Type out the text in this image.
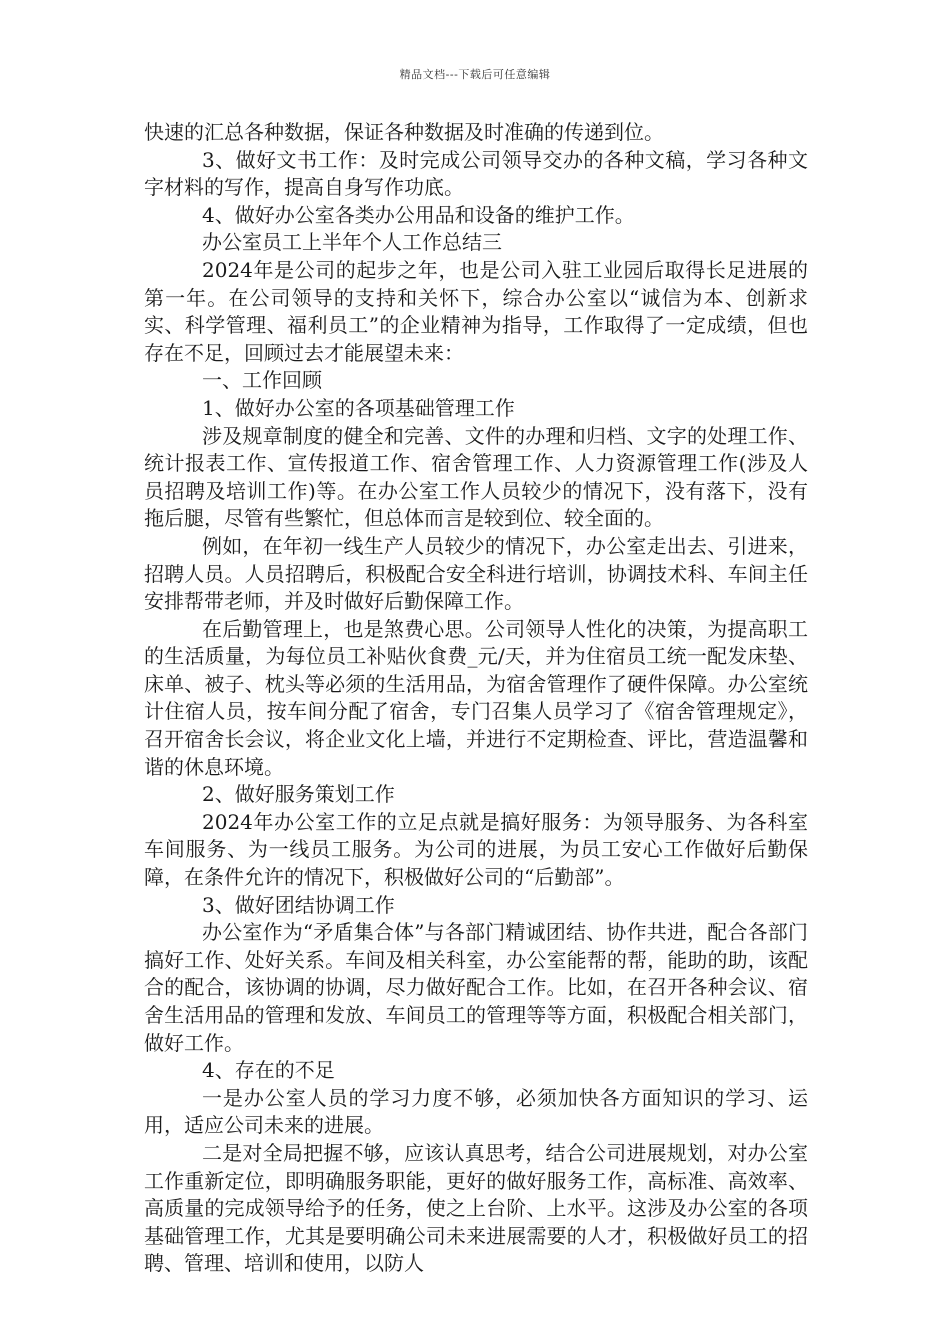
精品文档---下载后可任意编辑

快速的汇总各种数据，保证各种数据及时准确的传递到位。

3、做好文书工作：及时完成公司领导交办的各种文稿，学习各种文字材料的写作，提高自身写作功底。

4、做好办公室各类办公用品和设备的维护工作。

办公室员工上半年个人工作总结三

2024年是公司的起步之年，也是公司入驻工业园后取得长足进展的第一年。在公司领导的支持和关怀下，综合办公室以“诚信为本、创新求实、科学管理、福利员工”的企业精神为指导，工作取得了一定成绩，但也存在不足，回顾过去才能展望未来：

一、工作回顾

1、做好办公室的各项基础管理工作

涉及规章制度的健全和完善、文件的办理和归档、文字的处理工作、统计报表工作、宣传报道工作、宿舍管理工作、人力资源管理工作(涉及人员招聘及培训工作)等。在办公室工作人员较少的情况下，没有落下，没有拖后腿，尽管有些繁忙，但总体而言是较到位、较全面的。

例如，在年初一线生产人员较少的情况下，办公室走出去、引进来，招聘人员。人员招聘后，积极配合安全科进行培训，协调技术科、车间主任安排帮带老师，并及时做好后勤保障工作。

在后勤管理上，也是煞费心思。公司领导人性化的决策，为提高职工的生活质量，为每位员工补贴伙食费_元/天，并为住宿员工统一配发床垫、床单、被子、枕头等必须的生活用品，为宿舍管理作了硬件保障。办公室统计住宿人员，按车间分配了宿舍，专门召集人员学习了《宿舍管理规定》，召开宿舍长会议，将企业文化上墙，并进行不定期检查、评比，营造温馨和谐的休息环境。

2、做好服务策划工作

2024年办公室工作的立足点就是搞好服务：为领导服务、为各科室车间服务、为一线员工服务。为公司的进展，为员工安心工作做好后勤保障，在条件允许的情况下，积极做好公司的“后勤部”。

3、做好团结协调工作

办公室作为“矛盾集合体”与各部门精诚团结、协作共进，配合各部门搞好工作、处好关系。车间及相关科室，办公室能帮的帮，能助的助，该配合的配合，该协调的协调，尽力做好配合工作。比如，在召开各种会议、宿舍生活用品的管理和发放、车间员工的管理等等方面，积极配合相关部门，做好工作。

4、存在的不足

一是办公室人员的学习力度不够，必须加快各方面知识的学习、运用，适应公司未来的进展。

二是对全局把握不够，应该认真思考，结合公司进展规划，对办公室工作重新定位，即明确服务职能，更好的做好服务工作，高标准、高效率、高质量的完成领导给予的任务，使之上台阶、上水平。这涉及办公室的各项基础管理工作，尤其是要明确公司未来进展需要的人才，积极做好员工的招聘、管理、培训和使用，以防人
